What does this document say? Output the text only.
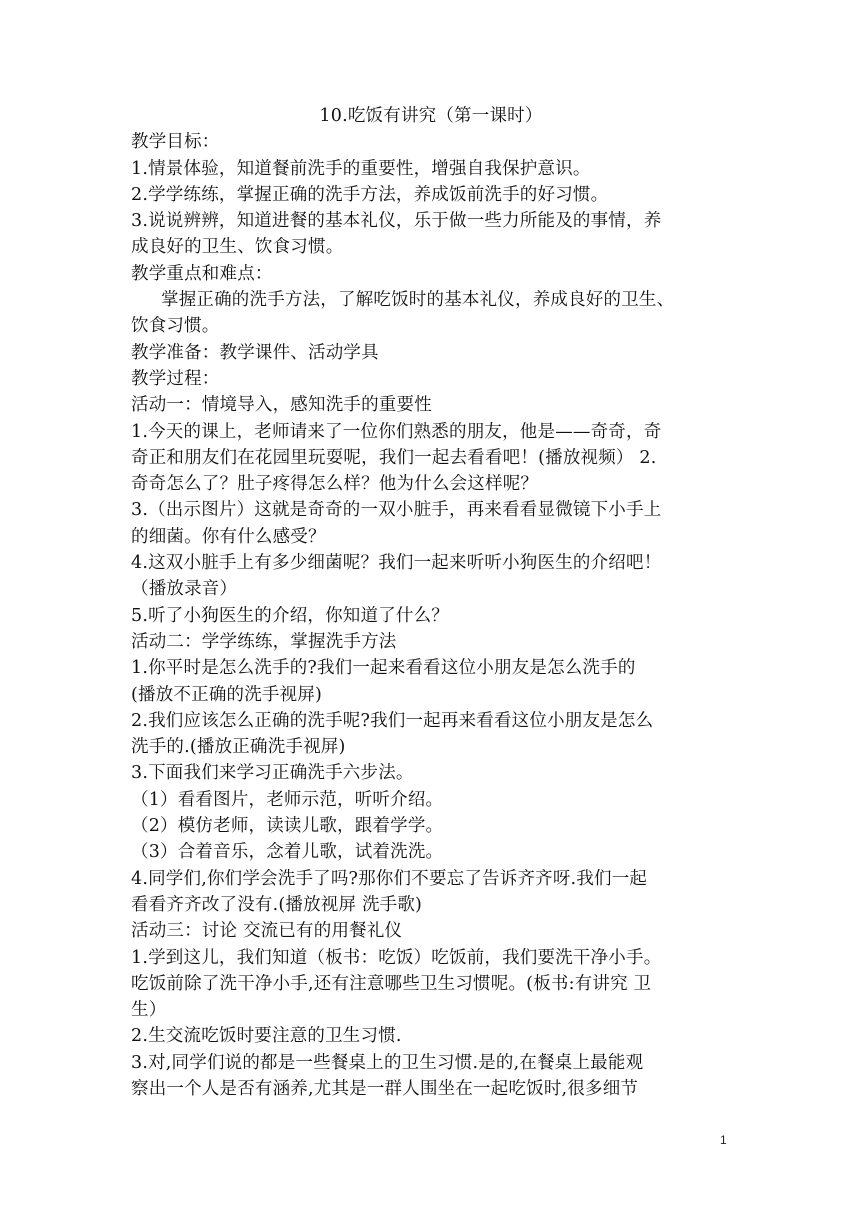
10.吃饭有讲究（第一课时）
教学目标：
1.情景体验，知道餐前洗手的重要性，增强自我保护意识。
2.学学练练，掌握正确的洗手方法，养成饭前洗手的好习惯。
3.说说辨辨，知道进餐的基本礼仪，乐于做一些力所能及的事情，养
成良好的卫生、饮食习惯。
教学重点和难点：
掌握正确的洗手方法，了解吃饭时的基本礼仪，养成良好的卫生、
饮食习惯。
教学准备：教学课件、活动学具
教学过程：
活动一：情境导入，感知洗手的重要性
1.今天的课上，老师请来了一位你们熟悉的朋友，他是——奇奇，奇
奇正和朋友们在花园里玩耍呢，我们一起去看看吧！(播放视频） 2.
奇奇怎么了？肚子疼得怎么样？他为什么会这样呢？
3.（出示图片）这就是奇奇的一双小脏手，再来看看显微镜下小手上
的细菌。你有什么感受？
4.这双小脏手上有多少细菌呢？我们一起来听听小狗医生的介绍吧！
（播放录音）
5.听了小狗医生的介绍，你知道了什么？
活动二：学学练练，掌握洗手方法
1.你平时是怎么洗手的?我们一起来看看这位小朋友是怎么洗手的
(播放不正确的洗手视屏)
2.我们应该怎么正确的洗手呢?我们一起再来看看这位小朋友是怎么
洗手的.(播放正确洗手视屏)
3.下面我们来学习正确洗手六步法。
（1）看看图片，老师示范，听听介绍。
（2）模仿老师，读读儿歌，跟着学学。
（3）合着音乐，念着儿歌，试着洗洗。
4.同学们,你们学会洗手了吗?那你们不要忘了告诉齐齐呀.我们一起
看看齐齐改了没有.(播放视屏 洗手歌)
活动三：讨论 交流已有的用餐礼仪
1.学到这儿，我们知道（板书：吃饭）吃饭前，我们要洗干净小手。
吃饭前除了洗干净小手,还有注意哪些卫生习惯呢。(板书:有讲究 卫
生）
2.生交流吃饭时要注意的卫生习惯.
3.对,同学们说的都是一些餐桌上的卫生习惯.是的,在餐桌上最能观
察出一个人是否有涵养,尤其是一群人围坐在一起吃饭时,很多细节
1
